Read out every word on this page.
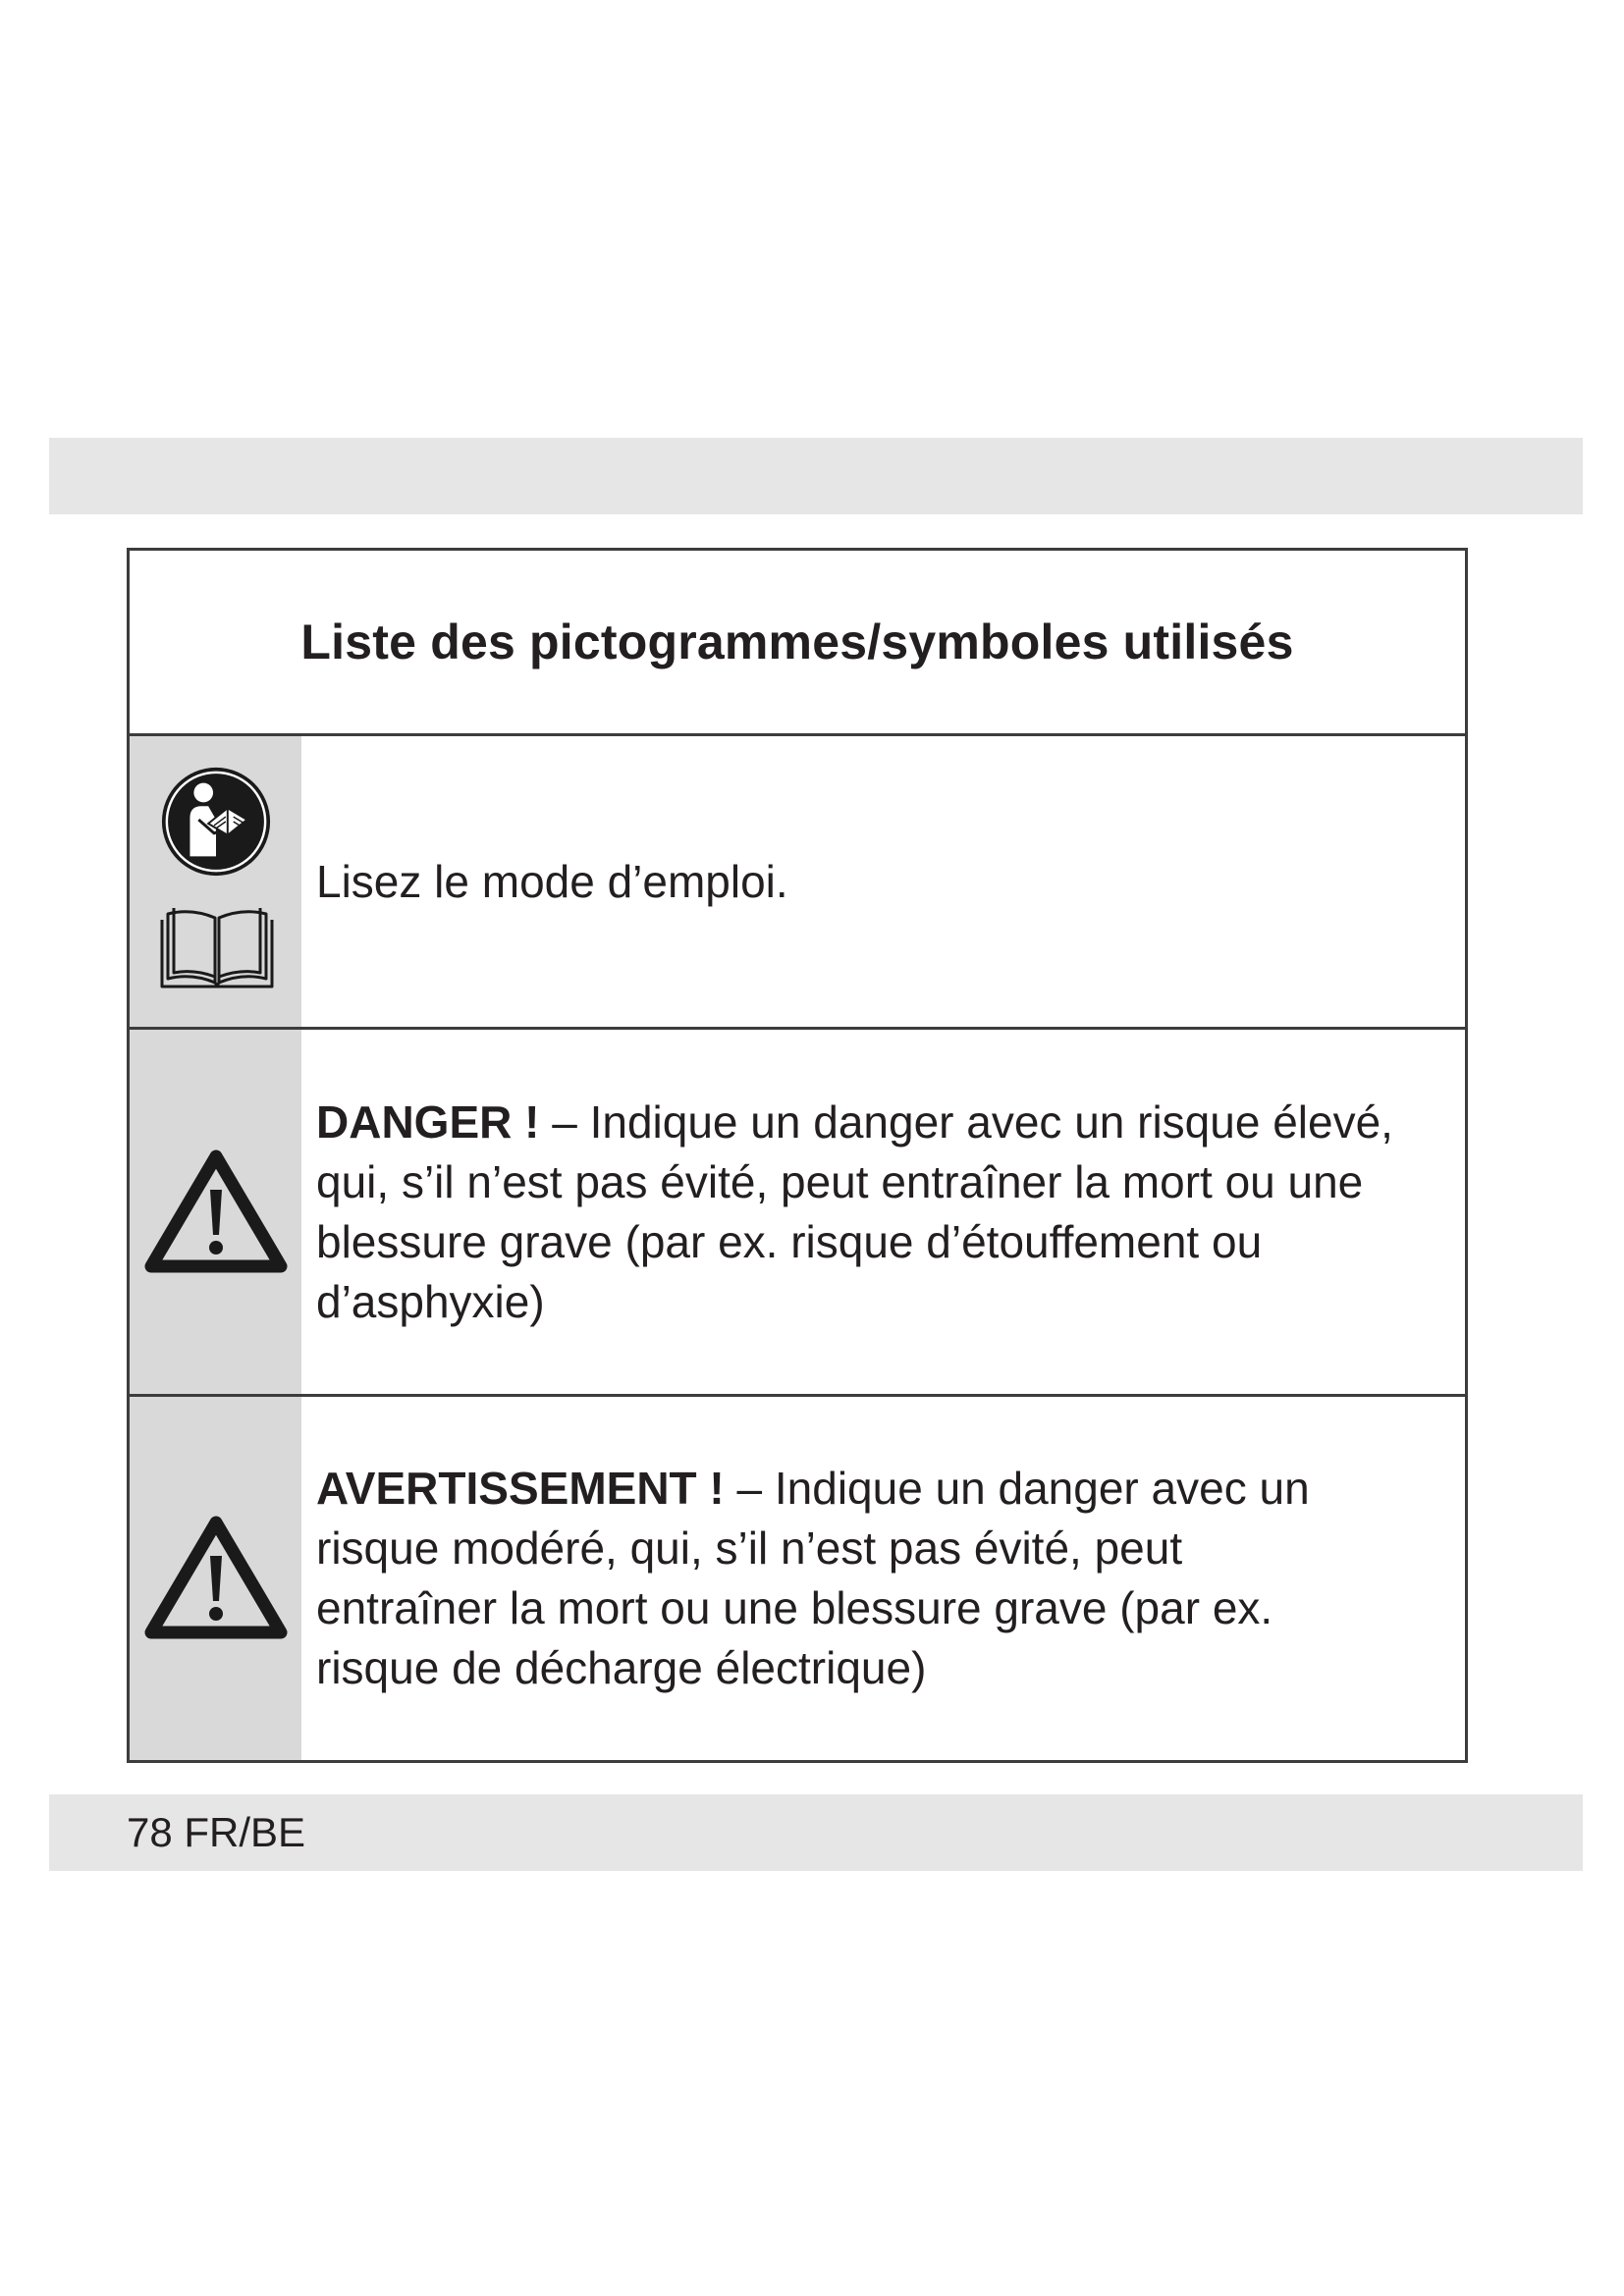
Liste des pictogrammes/symboles utilisés
Lisez le mode d’emploi.
DANGER ! – Indique un danger avec un risque élevé, qui, s’il n’est pas évité, peut entraîner la mort ou une blessure grave (par ex. risque d’étouffement ou d’asphyxie)
AVERTISSEMENT ! – Indique un danger avec un risque modéré, qui, s’il n’est pas évité, peut entraîner la mort ou une blessure grave (par ex. risque de décharge électrique)
78 FR/BE
